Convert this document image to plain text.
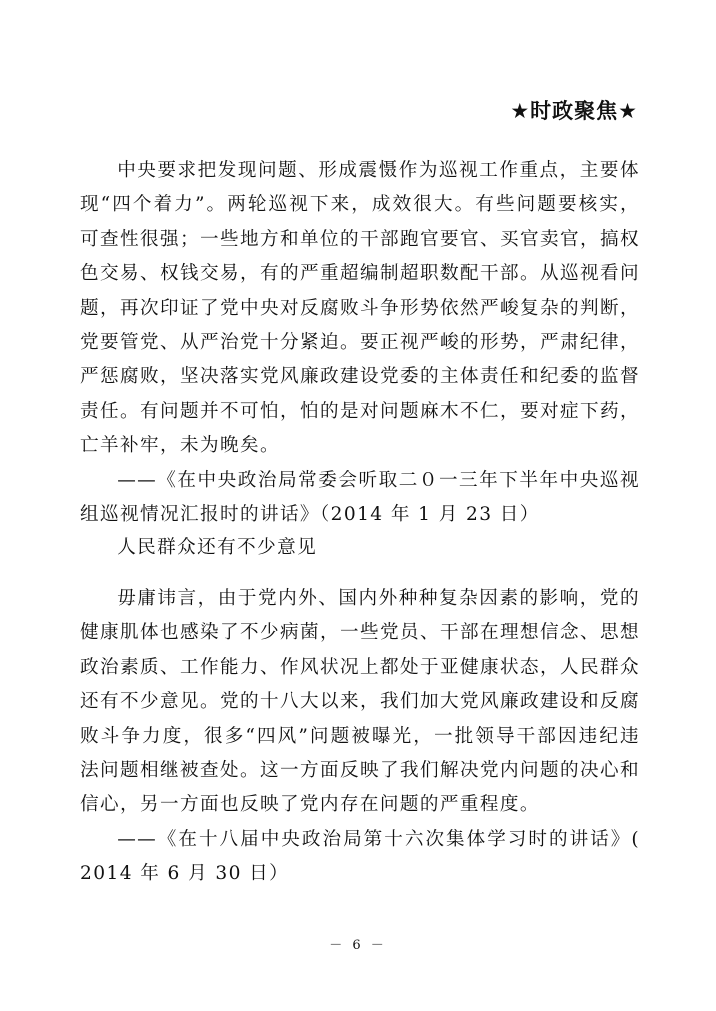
★时政聚焦★

中央要求把发现问题、形成震慑作为巡视工作重点，主要体现“四个着力”。两轮巡视下来，成效很大。有些问题要核实，可查性很强；一些地方和单位的干部跑官要官、买官卖官，搞权色交易、权钱交易，有的严重超编制超职数配干部。从巡视看问题，再次印证了党中央对反腐败斗争形势依然严峻复杂的判断，党要管党、从严治党十分紧迫。要正视严峻的形势，严肃纪律，严惩腐败，坚决落实党风廉政建设党委的主体责任和纪委的监督责任。有问题并不可怕，怕的是对问题麻木不仁，要对症下药，亡羊补牢，未为晚矣。

——《在中央政治局常委会听取二０一三年下半年中央巡视组巡视情况汇报时的讲话》（2014 年 1 月 23 日）

人民群众还有不少意见

毋庸讳言，由于党内外、国内外种种复杂因素的影响，党的健康肌体也感染了不少病菌，一些党员、干部在理想信念、思想政治素质、工作能力、作风状况上都处于亚健康状态，人民群众还有不少意见。党的十八大以来，我们加大党风廉政建设和反腐败斗争力度，很多“四风”问题被曝光，一批领导干部因违纪违法问题相继被查处。这一方面反映了我们解决党内问题的决心和信心，另一方面也反映了党内存在问题的严重程度。

——《在十八届中央政治局第十六次集体学习时的讲话》( 2014 年 6 月 30 日）

－ 6 －
